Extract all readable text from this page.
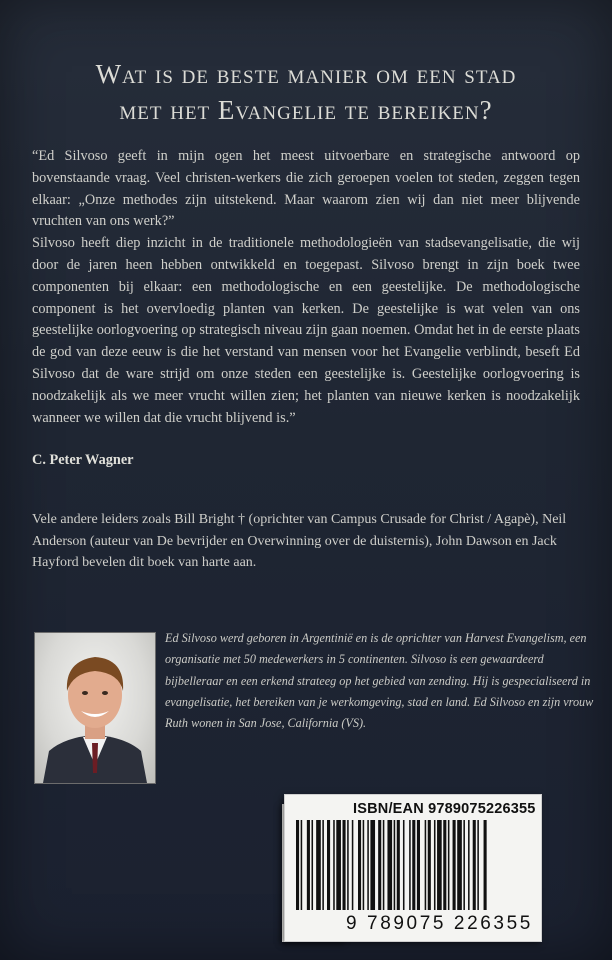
Wat is de beste manier om een stad
met het Evangelie te bereiken?

“Ed Silvoso geeft in mijn ogen het meest uitvoerbare en strategische antwoord op bovenstaande vraag. Veel christen-werkers die zich geroepen voelen tot steden, zeggen tegen elkaar: „Onze methodes zijn uitstekend. Maar waarom zien wij dan niet meer blijvende vruchten van ons werk?”

Silvoso heeft diep inzicht in de traditionele methodologieën van stadsevangelisatie, die wij door de jaren heen hebben ontwikkeld en toegepast. Silvoso brengt in zijn boek twee componenten bij elkaar: een methodologische en een geestelijke. De methodologische component is het overvloedig planten van kerken. De geestelijke is wat velen van ons geestelijke oorlogvoering op strategisch niveau zijn gaan noemen. Omdat het in de eerste plaats de god van deze eeuw is die het verstand van mensen voor het Evangelie verblindt, beseft Ed Silvoso dat de ware strijd om onze steden een geestelijke is. Geestelijke oorlogvoering is noodzakelijk als we meer vrucht willen zien; het planten van nieuwe kerken is noodzakelijk wanneer we willen dat die vrucht blijvend is.”

C. Peter Wagner
Vele andere leiders zoals Bill Bright † (oprichter van Campus Crusade for Christ / Agapè), Neil Anderson (auteur van De bevrijder en Overwinning over de duisternis), John Dawson en Jack Hayford bevelen dit boek van harte aan.
Ed Silvoso werd geboren in Argentinië en is de oprichter van Harvest Evangelism, een organisatie met 50 medewerkers in 5 continenten. Silvoso is een gewaardeerd bijbelleraar en een erkend strateeg op het gebied van zending. Hij is gespecialiseerd in evangelisatie, het bereiken van je werkomgeving, stad en land. Ed Silvoso en zijn vrouw Ruth wonen in San Jose, California (VS).
ISBN/EAN 9789075226355
9 789075 226355
